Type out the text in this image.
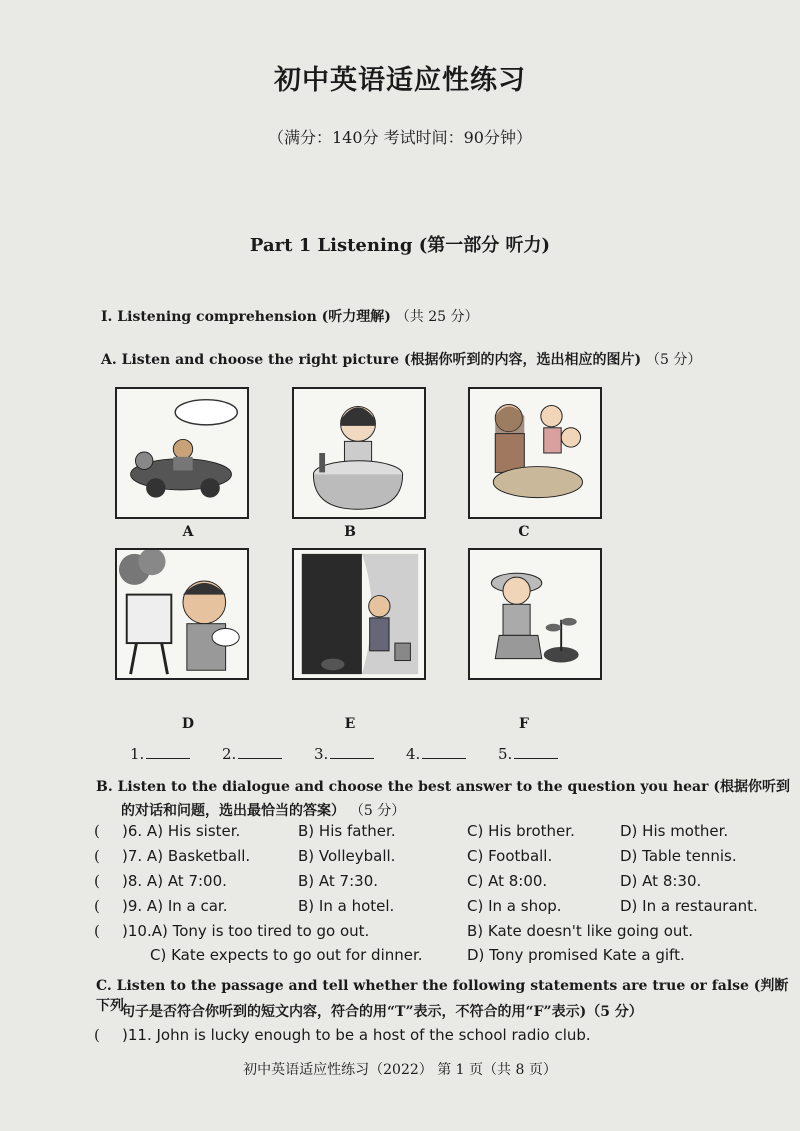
初中英语适应性练习
（满分：140分 考试时间：90分钟）
Part 1 Listening (第一部分 听力)
I. Listening comprehension (听力理解) （共 25 分）
A. Listen and choose the right picture (根据你听到的内容，选出相应的图片) （5 分）
A	B	C
D	E	F
1.	2.	3.	4.	5.
B. Listen to the dialogue and choose the best answer to the question you hear (根据你听到
的对话和问题，选出最恰当的答案） （5 分）
( )6. A) His sister.	B) His father.	C) His brother.	D) His mother.
( )7. A) Basketball.	B) Volleyball.	C) Football.	D) Table tennis.
( )8. A) At 7:00.	B) At 7:30.	C) At 8:00.	D) At 8:30.
( )9. A) In a car.	B) In a hotel.	C) In a shop.	D) In a restaurant.
( )10.A) Tony is too tired to go out.	B) Kate doesn't like going out.
C) Kate expects to go out for dinner.	D) Tony promised Kate a gift.
C. Listen to the passage and tell whether the following statements are true or false (判断下列
句子是否符合你听到的短文内容，符合的用“T”表示，不符合的用“F”表示)（5 分）
( )11. John is lucky enough to be a host of the school radio club.
初中英语适应性练习（2022） 第 1 页（共 8 页）
